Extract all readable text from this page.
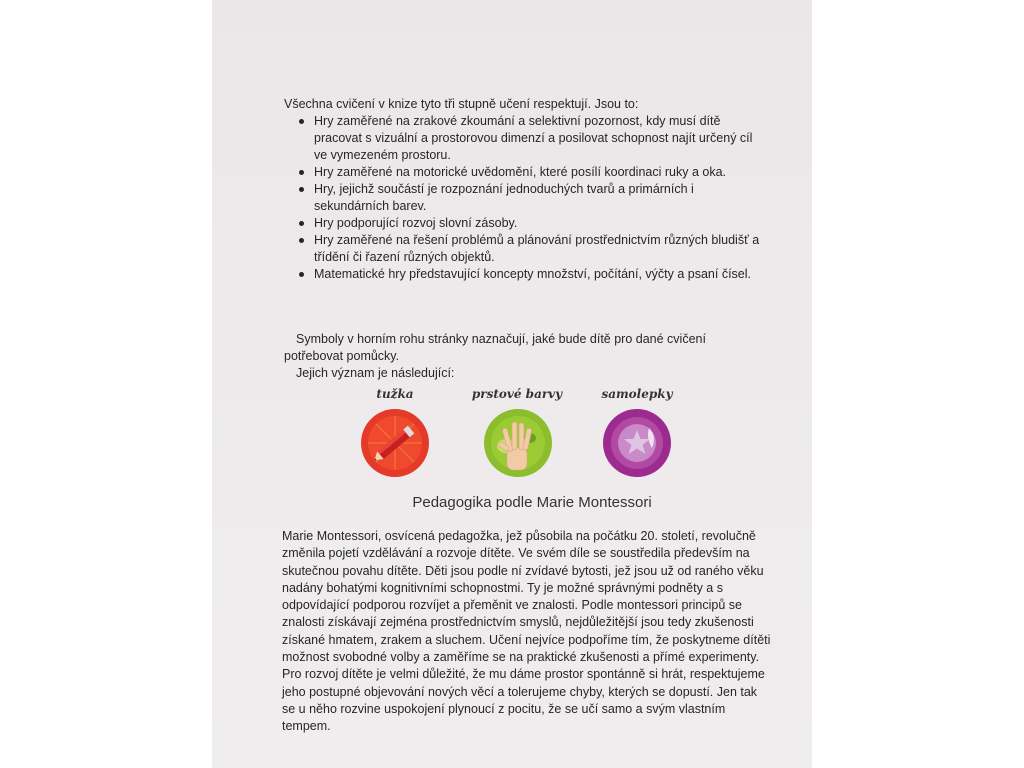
Všechna cvičení v knize tyto tři stupně učení respektují. Jsou to:

Hry zaměřené na zrakové zkoumání a selektivní pozornost, kdy musí dítě pracovat s vizuální a prostorovou dimenzí a posilovat schopnost najít určený cíl ve vymezeném prostoru.
Hry zaměřené na motorické uvědomění, které posílí koordinaci ruky a oka.
Hry, jejichž součástí je rozpoznání jednoduchých tvarů a primárních i sekundárních barev.
Hry podporující rozvoj slovní zásoby.
Hry zaměřené na řešení problémů a plánování prostřednictvím různých bludišť a třídění či řazení různých objektů.
Matematické hry představující koncepty množství, počítání, výčty a psaní čísel.

Symboly v horním rohu stránky naznačují, jaké bude dítě pro dané cvičení potřebovat pomůcky.

Jejich význam je následující:

tužka	prstové barvy	samolepky
Pedagogika podle Marie Montessori

Marie Montessori, osvícená pedagožka, jež působila na počátku 20. století, revolučně změnila pojetí vzdělávání a rozvoje dítěte. Ve svém díle se soustředila především na skutečnou povahu dítěte. Děti jsou podle ní zvídavé bytosti, jež jsou už od raného věku nadány bohatými kognitivními schopnostmi. Ty je možné správnými podněty a s odpovídající podporou rozvíjet a přeměnit ve znalosti. Podle montessori principů se znalosti získávají zejména prostřednictvím smyslů, nejdůležitější jsou tedy zkušenosti získané hmatem, zrakem a sluchem. Učení nejvíce podpoříme tím, že poskytneme dítěti možnost svobodné volby a zaměříme se na praktické zkušenosti a přímé experimenty. Pro rozvoj dítěte je velmi důležité, že mu dáme prostor spontánně si hrát, respektujeme jeho postupné objevování nových věcí a tolerujeme chyby, kterých se dopustí. Jen tak se u něho rozvine uspokojení plynoucí z pocitu, že se učí samo a svým vlastním tempem.
